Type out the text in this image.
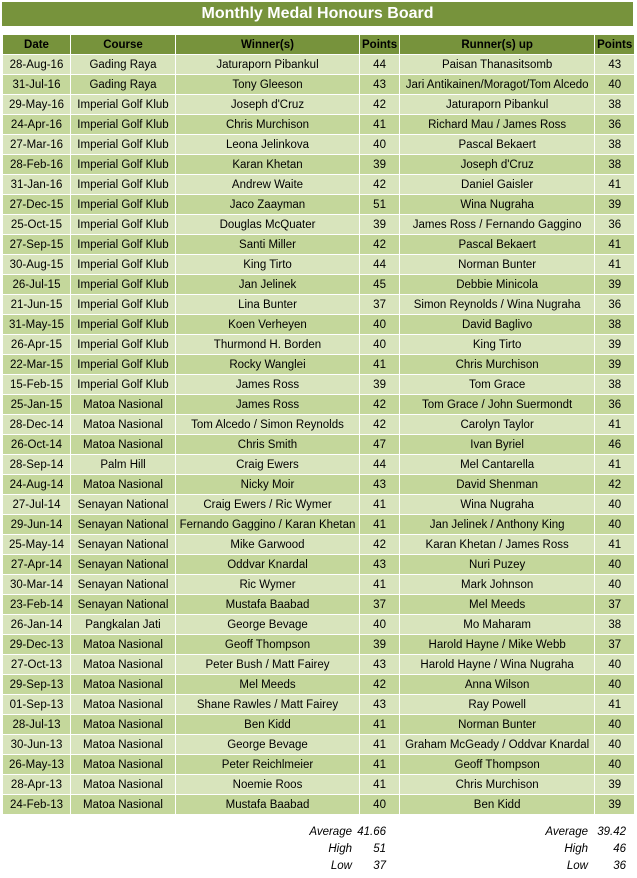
Monthly Medal Honours Board
Date	Course	Winner(s)	Points	Runner(s) up	Points
28-Aug-16	Gading Raya	Jaturaporn Pibankul	44	Paisan Thanasitsomb	43
31-Jul-16	Gading Raya	Tony Gleeson	43	Jari Antikainen/Moragot/Tom Alcedo	40
29-May-16	Imperial Golf Klub	Joseph d'Cruz	42	Jaturaporn Pibankul	38
24-Apr-16	Imperial Golf Klub	Chris Murchison	41	Richard Mau / James Ross	36
27-Mar-16	Imperial Golf Klub	Leona Jelinkova	40	Pascal Bekaert	38
28-Feb-16	Imperial Golf Klub	Karan Khetan	39	Joseph d'Cruz	38
31-Jan-16	Imperial Golf Klub	Andrew Waite	42	Daniel Gaisler	41
27-Dec-15	Imperial Golf Klub	Jaco Zaayman	51	Wina Nugraha	39
25-Oct-15	Imperial Golf Klub	Douglas McQuater	39	James Ross / Fernando Gaggino	36
27-Sep-15	Imperial Golf Klub	Santi Miller	42	Pascal Bekaert	41
30-Aug-15	Imperial Golf Klub	King Tirto	44	Norman Bunter	41
26-Jul-15	Imperial Golf Klub	Jan Jelinek	45	Debbie Minicola	39
21-Jun-15	Imperial Golf Klub	Lina Bunter	37	Simon Reynolds / Wina Nugraha	36
31-May-15	Imperial Golf Klub	Koen Verheyen	40	David Baglivo	38
26-Apr-15	Imperial Golf Klub	Thurmond H. Borden	40	King Tirto	39
22-Mar-15	Imperial Golf Klub	Rocky Wanglei	41	Chris Murchison	39
15-Feb-15	Imperial Golf Klub	James Ross	39	Tom Grace	38
25-Jan-15	Matoa Nasional	James Ross	42	Tom Grace / John Suermondt	36
28-Dec-14	Matoa Nasional	Tom Alcedo / Simon Reynolds	42	Carolyn Taylor	41
26-Oct-14	Matoa Nasional	Chris Smith	47	Ivan Byriel	46
28-Sep-14	Palm Hill	Craig Ewers	44	Mel Cantarella	41
24-Aug-14	Matoa Nasional	Nicky Moir	43	David Shenman	42
27-Jul-14	Senayan National	Craig Ewers / Ric Wymer	41	Wina Nugraha	40
29-Jun-14	Senayan National	Fernando Gaggino / Karan Khetan	41	Jan Jelinek / Anthony King	40
25-May-14	Senayan National	Mike Garwood	42	Karan Khetan / James Ross	41
27-Apr-14	Senayan National	Oddvar Knardal	43	Nuri Puzey	40
30-Mar-14	Senayan National	Ric Wymer	41	Mark Johnson	40
23-Feb-14	Senayan National	Mustafa Baabad	37	Mel Meeds	37
26-Jan-14	Pangkalan Jati	George Bevage	40	Mo Maharam	38
29-Dec-13	Matoa Nasional	Geoff Thompson	39	Harold Hayne / Mike Webb	37
27-Oct-13	Matoa Nasional	Peter Bush / Matt Fairey	43	Harold Hayne / Wina Nugraha	40
29-Sep-13	Matoa Nasional	Mel Meeds	42	Anna Wilson	40
01-Sep-13	Matoa Nasional	Shane Rawles / Matt Fairey	43	Ray Powell	41
28-Jul-13	Matoa Nasional	Ben Kidd	41	Norman Bunter	40
30-Jun-13	Matoa Nasional	George Bevage	41	Graham McGeady / Oddvar Knardal	40
26-May-13	Matoa Nasional	Peter Reichlmeier	41	Geoff Thompson	40
28-Apr-13	Matoa Nasional	Noemie Roos	41	Chris Murchison	39
24-Feb-13	Matoa Nasional	Mustafa Baabad	40	Ben Kidd	39
Average 41.66
High	51
Low	37
Average 39.42
High	46
Low	36
